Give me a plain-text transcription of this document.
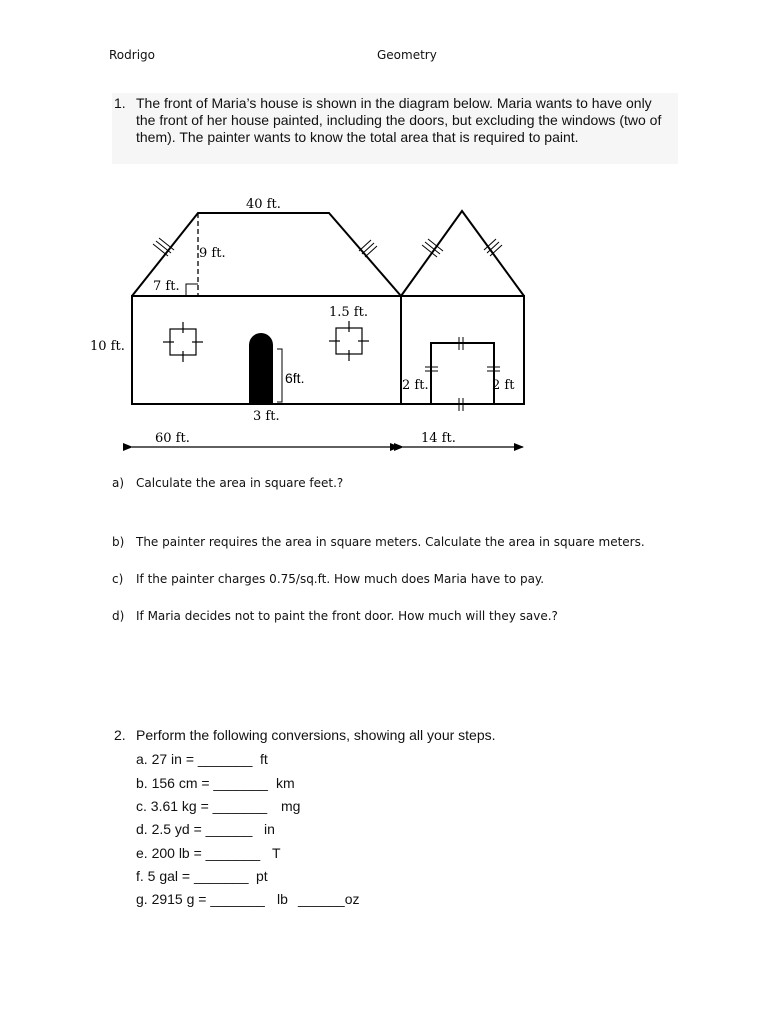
Rodrigo	Geometry
1. The front of Maria’s house is shown in the diagram below. Maria wants to have only the front of her house painted, including the doors, but excluding the windows (two of them). The painter wants to know the total area that is required to paint.
40 ft.
9 ft.
7 ft.
10 ft.
1.5 ft.
2 ft.	2 ft
3 ft.
60 ft.	14 ft.
6ft.
a) Calculate the area in square feet.?
b) The painter requires the area in square meters. Calculate the area in square meters.
c) If the painter charges 0.75/sq.ft. How much does Maria have to pay.
d) If Maria decides not to paint the front door. How much will they save.?
2. Perform the following conversions, showing all your steps.
a. 27 in = _______ ft
b. 156 cm = _______ km
c. 3.61 kg = _______ mg
d. 2.5 yd = ______ in
e. 200 lb = _______ T
f. 5 gal = _______ pt
g. 2915 g = _______ lb ______oz
